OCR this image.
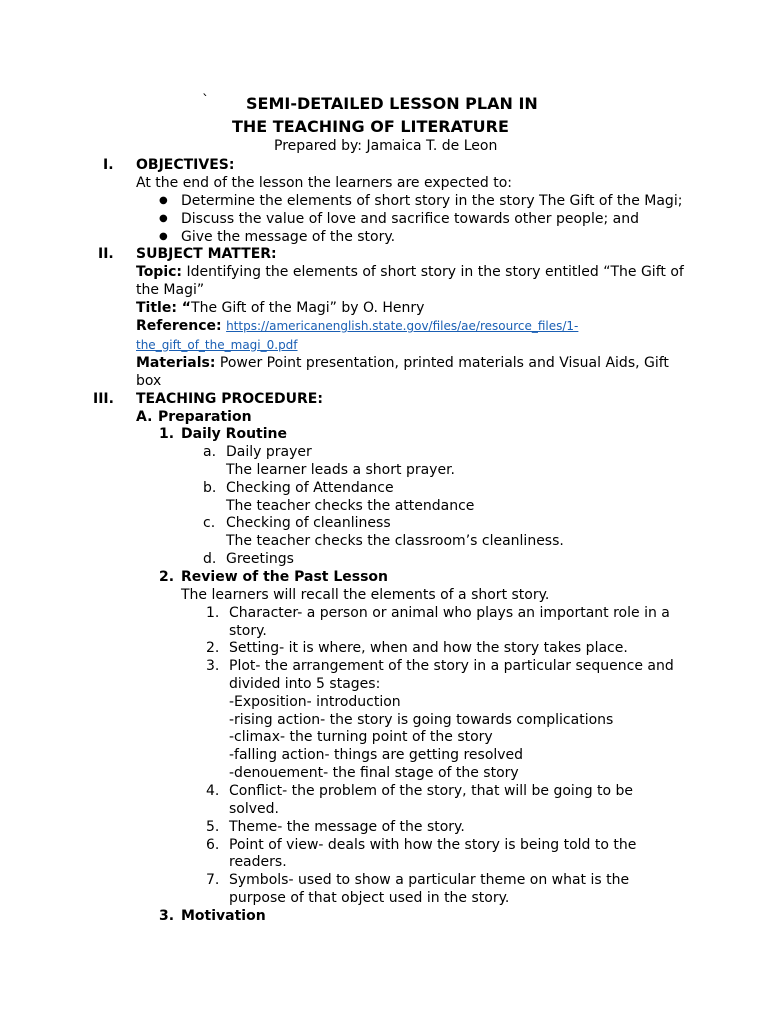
` SEMI-DETAILED LESSON PLAN IN
THE TEACHING OF LITERATURE
Prepared by: Jamaica T. de Leon
I. OBJECTIVES:
At the end of the lesson the learners are expected to:
● Determine the elements of short story in the story The Gift of the Magi;
● Discuss the value of love and sacrifice towards other people; and
● Give the message of the story.
II. SUBJECT MATTER:
Topic: Identifying the elements of short story in the story entitled “The Gift of
the Magi”
Title: “The Gift of the Magi” by O. Henry
Reference: https://americanenglish.state.gov/files/ae/resource_files/1-
the_gift_of_the_magi_0.pdf
Materials: Power Point presentation, printed materials and Visual Aids, Gift
box
III. TEACHING PROCEDURE:
A. Preparation
1. Daily Routine
a. Daily prayer
The learner leads a short prayer.
b. Checking of Attendance
The teacher checks the attendance
c. Checking of cleanliness
The teacher checks the classroom’s cleanliness.
d. Greetings
2. Review of the Past Lesson
The learners will recall the elements of a short story.
1. Character- a person or animal who plays an important role in a
story.
2. Setting- it is where, when and how the story takes place.
3. Plot- the arrangement of the story in a particular sequence and
divided into 5 stages:
-Exposition- introduction
-rising action- the story is going towards complications
-climax- the turning point of the story
-falling action- things are getting resolved
-denouement- the final stage of the story
4. Conflict- the problem of the story, that will be going to be
solved.
5. Theme- the message of the story.
6. Point of view- deals with how the story is being told to the
readers.
7. Symbols- used to show a particular theme on what is the
purpose of that object used in the story.
3. Motivation
